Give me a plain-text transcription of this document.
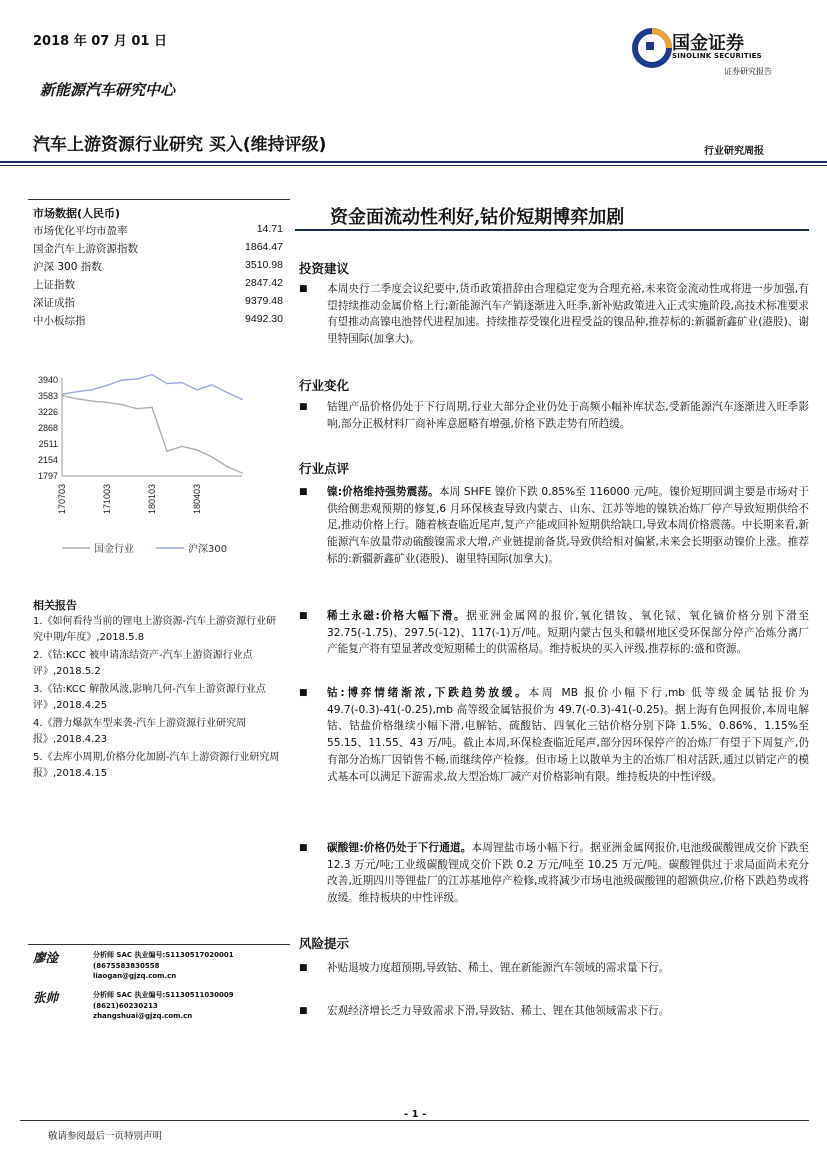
2018 年 07 月 01 日
新能源汽车研究中心
汽车上游资源行业研究 买入(维持评级)	行业研究周报
国金证券
SINOLINK SECURITIES
证券研究报告
市场数据(人民币)
市场优化平均市盈率	14.71
国金汽车上游资源指数	1864.47
沪深 300 指数	3510.98
上证指数	2847.42
深证成指	9379.48
中小板综指	9492.30
3940
3583
3226
2868
2511
2154
1797
170703	171003	180103	180403
国金行业	沪深300
相关报告
1.《如何看待当前的锂电上游资源-汽车上游资源行业研究中期/年度》,2018.5.8
2.《钴:KCC 被申请冻结资产-汽车上游资源行业点评》,2018.5.2
3.《钴:KCC 解散风波,影响几何-汽车上游资源行业点评》,2018.4.25
4.《潜力爆款车型来袭-汽车上游资源行业研究周报》,2018.4.23
5.《去库小周期,价格分化加剧-汽车上游资源行业研究周报》,2018.4.15
廖淦	分析师 SAC 执业编号:S1130517020001
(8675583830558
liaogan@gjzq.com.cn
张帅	分析师 SAC 执业编号:S1130511030009
(8621)60230213
zhangshuai@gjzq.com.cn
资金面流动性利好,钴价短期博弈加剧
投资建议
■ 本周央行二季度会议纪要中,货币政策措辞由合理稳定变为合理充裕,未来资金流动性或将进一步加强,有望持续推动金属价格上行;新能源汽车产销逐渐进入旺季,新补贴政策进入正式实施阶段,高技术标准要求有望推动高镍电池替代进程加速。持续推荐受镍化进程受益的镍品种,推荐标的:新疆新鑫矿业(港股)、谢里特国际(加拿大)。
行业变化
■ 钴锂产品价格仍处于下行周期,行业大部分企业仍处于高频小幅补库状态,受新能源汽车逐渐进入旺季影响,部分正极材料厂商补库意愿略有增强,价格下跌走势有所趋缓。
行业点评
■ 镍:价格维持强势震荡。本周 SHFE 镍价下跌 0.85%至 116000 元/吨。镍价短期回调主要是市场对于供给侧悲观预期的修复,6 月环保核查导致内蒙古、山东、江苏等地的镍铁冶炼厂停产导致短期供给不足,推动价格上行。随着核查临近尾声,复产产能或回补短期供给缺口,导致本周价格震荡。中长期来看,新能源汽车放量带动硫酸镍需求大增,产业链提前备货,导致供给相对偏紧,未来会长期驱动镍价上涨。推荐标的:新疆新鑫矿业(港股)、谢里特国际(加拿大)。
■ 稀土永磁:价格大幅下滑。据亚洲金属网的报价,氧化镨钕、氧化铽、氧化镝价格分别下滑至 32.75(-1.75)、297.5(-12)、117(-1)万/吨。短期内蒙古包头和赣州地区受环保部分停产冶炼分离厂产能复产将有望显著改变短期稀土的供需格局。维持板块的买入评级,推荐标的:盛和资源。
■ 钴:博弈情绪渐浓,下跌趋势放缓。本周 MB 报价小幅下行,mb 低等级金属钴报价为 49.7(-0.3)-41(-0.25),mb 高等级金属钴报价为 49.7(-0.3)-41(-0.25)。据上海有色网报价,本周电解钴、钴盐价格继续小幅下滑,电解钴、硫酸钴、四氧化三钴价格分别下降 1.5%、0.86%、1.15%至55.15、11.55、43 万/吨。截止本周,环保检查临近尾声,部分因环保停产的冶炼厂有望于下周复产,仍有部分冶炼厂因销售不畅,而继续停产检修。但市场上以散单为主的冶炼厂相对活跃,通过以销定产的模式基本可以满足下游需求,故大型冶炼厂减产对价格影响有限。维持板块的中性评级。
■ 碳酸锂:价格仍处于下行通道。本周锂盐市场小幅下行。据亚洲金属网报价,电池级碳酸锂成交价下跌至 12.3 万元/吨;工业级碳酸锂成交价下跌 0.2 万元/吨至 10.25 万元/吨。碳酸锂供过于求局面尚未充分改善,近期四川等锂盐厂的江苏基地停产检修,或将减少市场电池级碳酸锂的超额供应,价格下跌趋势或将放缓。维持板块的中性评级。
风险提示
■ 补贴退坡力度超预期,导致钴、稀土、锂在新能源汽车领域的需求量下行。
■ 宏观经济增长乏力导致需求下滑,导致钴、稀土、锂在其他领域需求下行。
- 1 -
敬请参阅最后一页特别声明
